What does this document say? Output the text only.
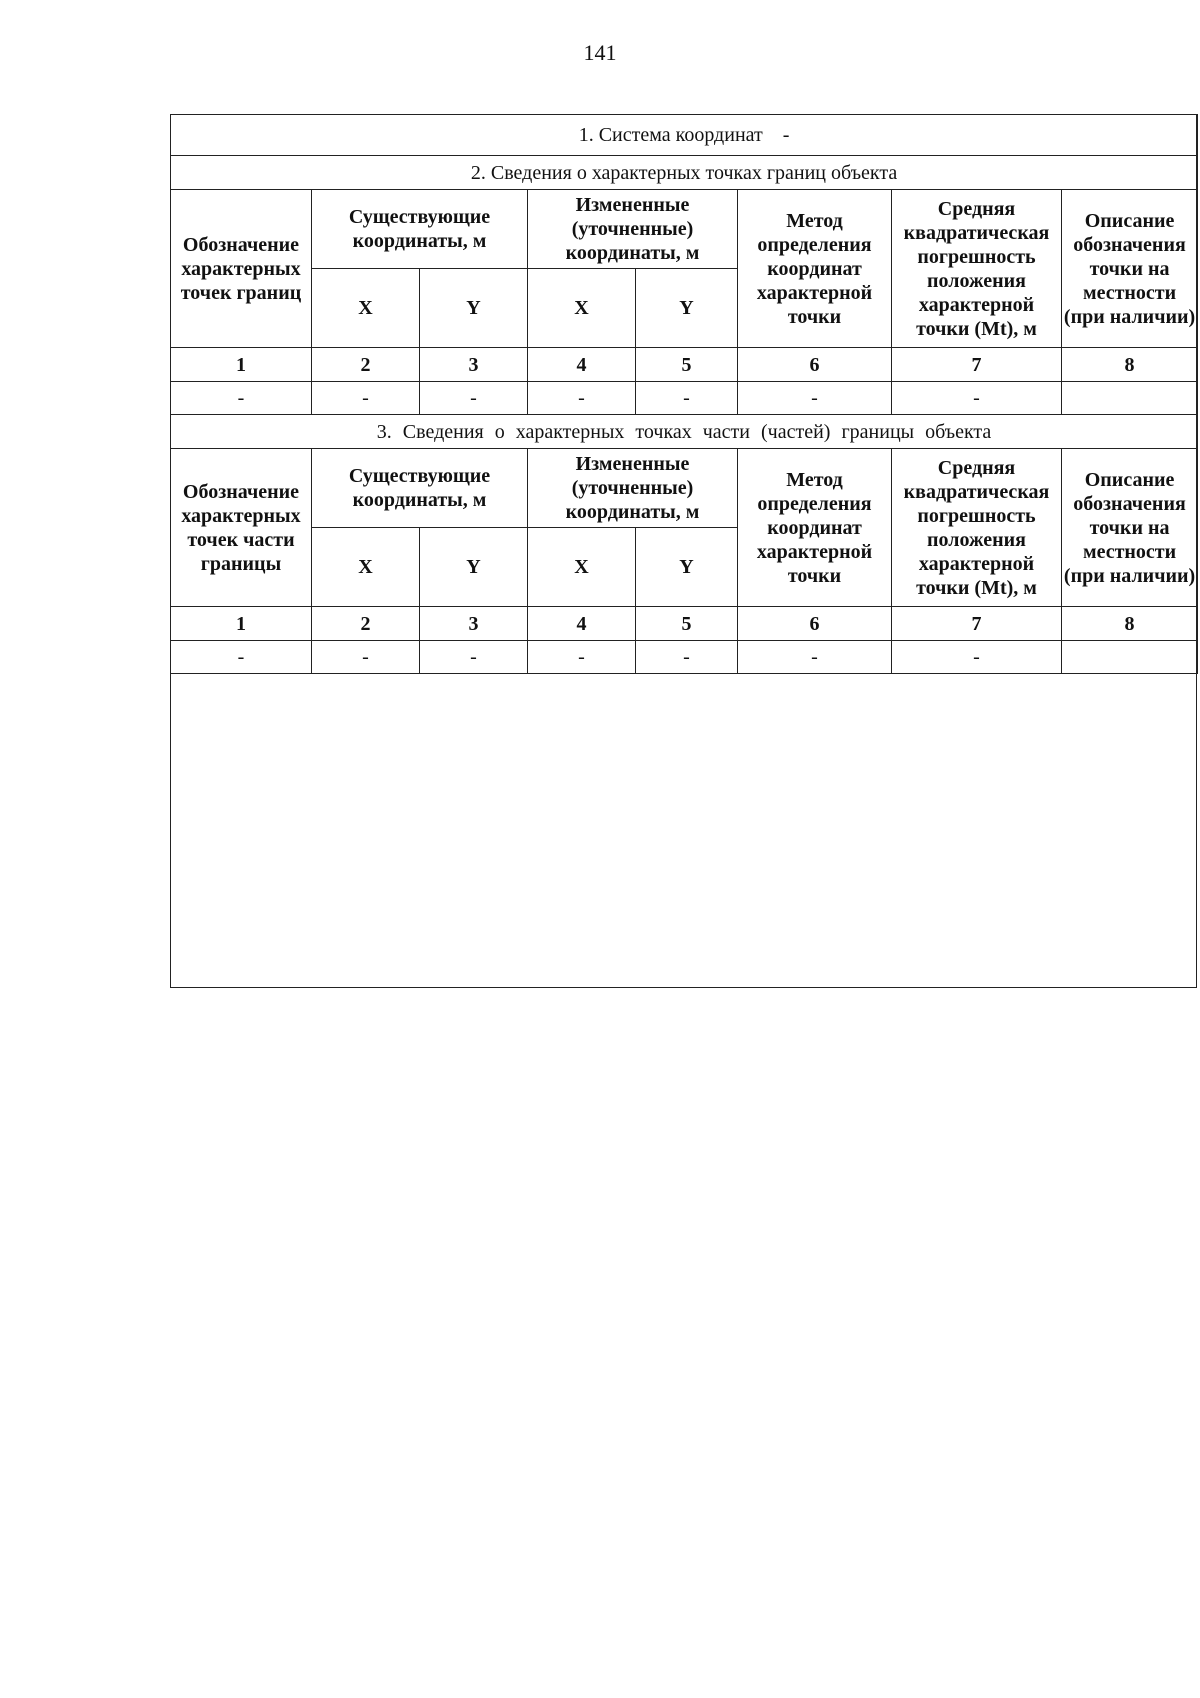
141
1. Система координат -							
2. Сведения о характерных точках границ объекта							
Обозначение характерных точек границ	Существующие координаты, м		Измененные (уточненные) координаты, м		Метод определения координат характерной точки	Средняя квадратическая погрешность положения характерной точки (Mt), м	Описание обозначения точки на местности (при наличии)
	X	Y	X	Y			
1	2	3	4	5	6	7	8
-	-	-	-	-	-	-	
3. Сведения о характерных точках части (частей) границы объекта							
Обозначение характерных точек части границы	Существующие координаты, м		Измененные (уточненные) координаты, м		Метод определения координат характерной точки	Средняя квадратическая погрешность положения характерной точки (Mt), м	Описание обозначения точки на местности (при наличии)
	X	Y	X	Y			
1	2	3	4	5	6	7	8
-	-	-	-	-	-	-	
